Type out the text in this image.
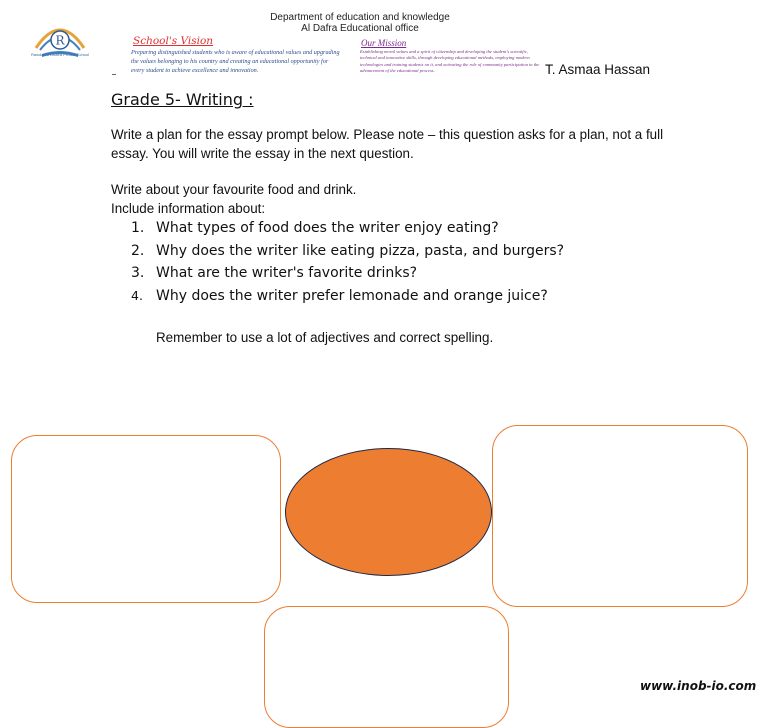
R
Rawdat Al Dhafra Private School
Department of education and knowledge
Al Dafra Educational office
School's Vision
Preparing distinguished students who is aware of educational values and upgrading the values belonging to his country and creating an educational opportunity for every student to achieve excellence and innovation.
Our Mission
Establishing moral values and a spirit of citizenship and developing the student's scientific, technical and innovative skills, through developing educational methods, employing modern technologies and training students on it, and activating the role of community participation in the advancement of the educational process.	T. Asmaa Hassan
Grade 5- Writing :
Write a plan for the essay prompt below. Please note – this question asks for a plan, not a full essay. You will write the essay in the next question.
Write about your favourite food and drink.
Include information about:
1. What types of food does the writer enjoy eating?
2. Why does the writer like eating pizza, pasta, and burgers?
3. What are the writer's favorite drinks?
4. Why does the writer prefer lemonade and orange juice?
Remember to use a lot of adjectives and correct spelling.
www.inob-io.com
